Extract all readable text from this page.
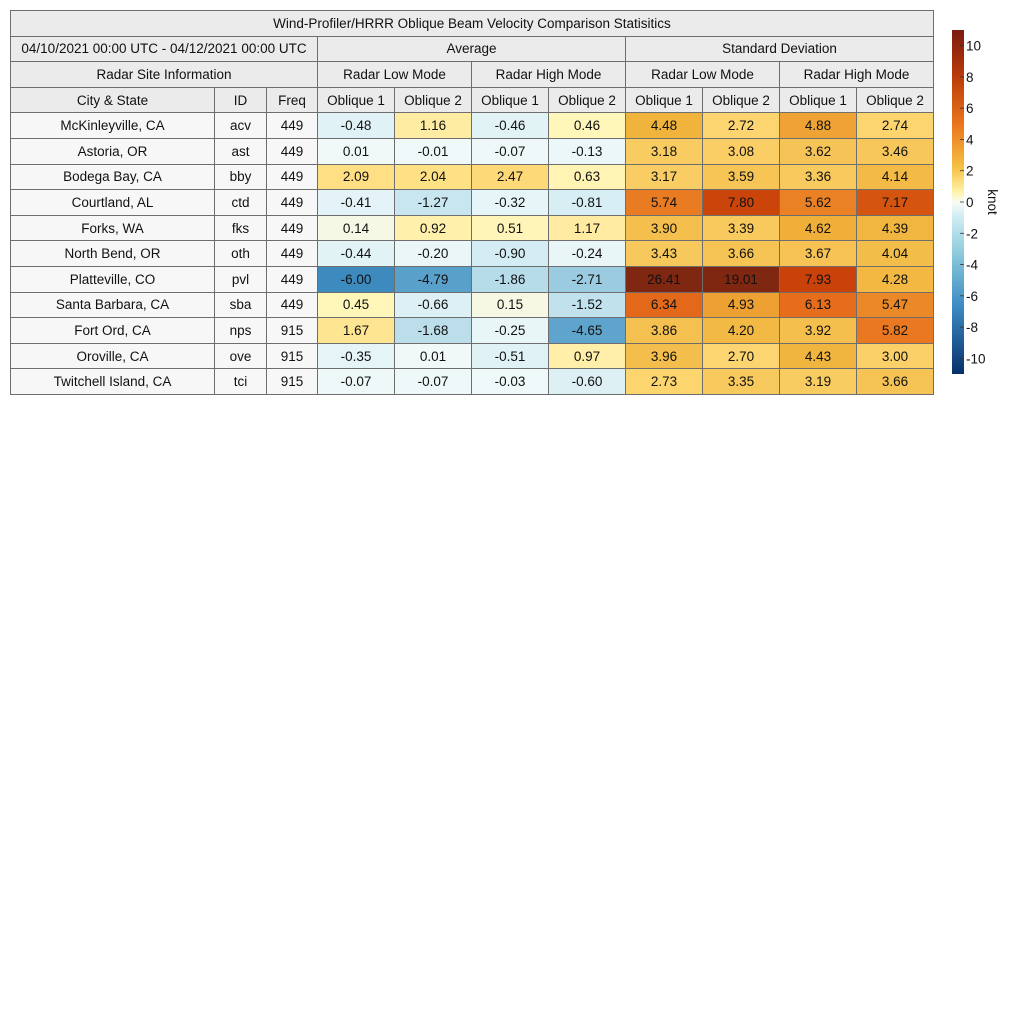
Wind-Profiler/HRRR Oblique Beam Velocity Comparison Statisitics										
04/10/2021 00:00 UTC - 04/12/2021 00:00 UTC			Average				Standard Deviation			
Radar Site Information			Radar Low Mode		Radar High Mode		Radar Low Mode		Radar High Mode	
City & State	ID	Freq	Oblique 1	Oblique 2	Oblique 1	Oblique 2	Oblique 1	Oblique 2	Oblique 1	Oblique 2
McKinleyville, CA	acv	449	-0.48	1.16	-0.46	0.46	4.48	2.72	4.88	2.74
Astoria, OR	ast	449	0.01	-0.01	-0.07	-0.13	3.18	3.08	3.62	3.46
Bodega Bay, CA	bby	449	2.09	2.04	2.47	0.63	3.17	3.59	3.36	4.14
Courtland, AL	ctd	449	-0.41	-1.27	-0.32	-0.81	5.74	7.80	5.62	7.17
Forks, WA	fks	449	0.14	0.92	0.51	1.17	3.90	3.39	4.62	4.39
North Bend, OR	oth	449	-0.44	-0.20	-0.90	-0.24	3.43	3.66	3.67	4.04
Platteville, CO	pvl	449	-6.00	-4.79	-1.86	-2.71	26.41	19.01	7.93	4.28
Santa Barbara, CA	sba	449	0.45	-0.66	0.15	-1.52	6.34	4.93	6.13	5.47
Fort Ord, CA	nps	915	1.67	-1.68	-0.25	-4.65	3.86	4.20	3.92	5.82
Oroville, CA	ove	915	-0.35	0.01	-0.51	0.97	3.96	2.70	4.43	3.00
Twitchell Island, CA	tci	915	-0.07	-0.07	-0.03	-0.60	2.73	3.35	3.19	3.66
10
8
6
4
2
0
-2
-4
-6
-8
-10
knot
